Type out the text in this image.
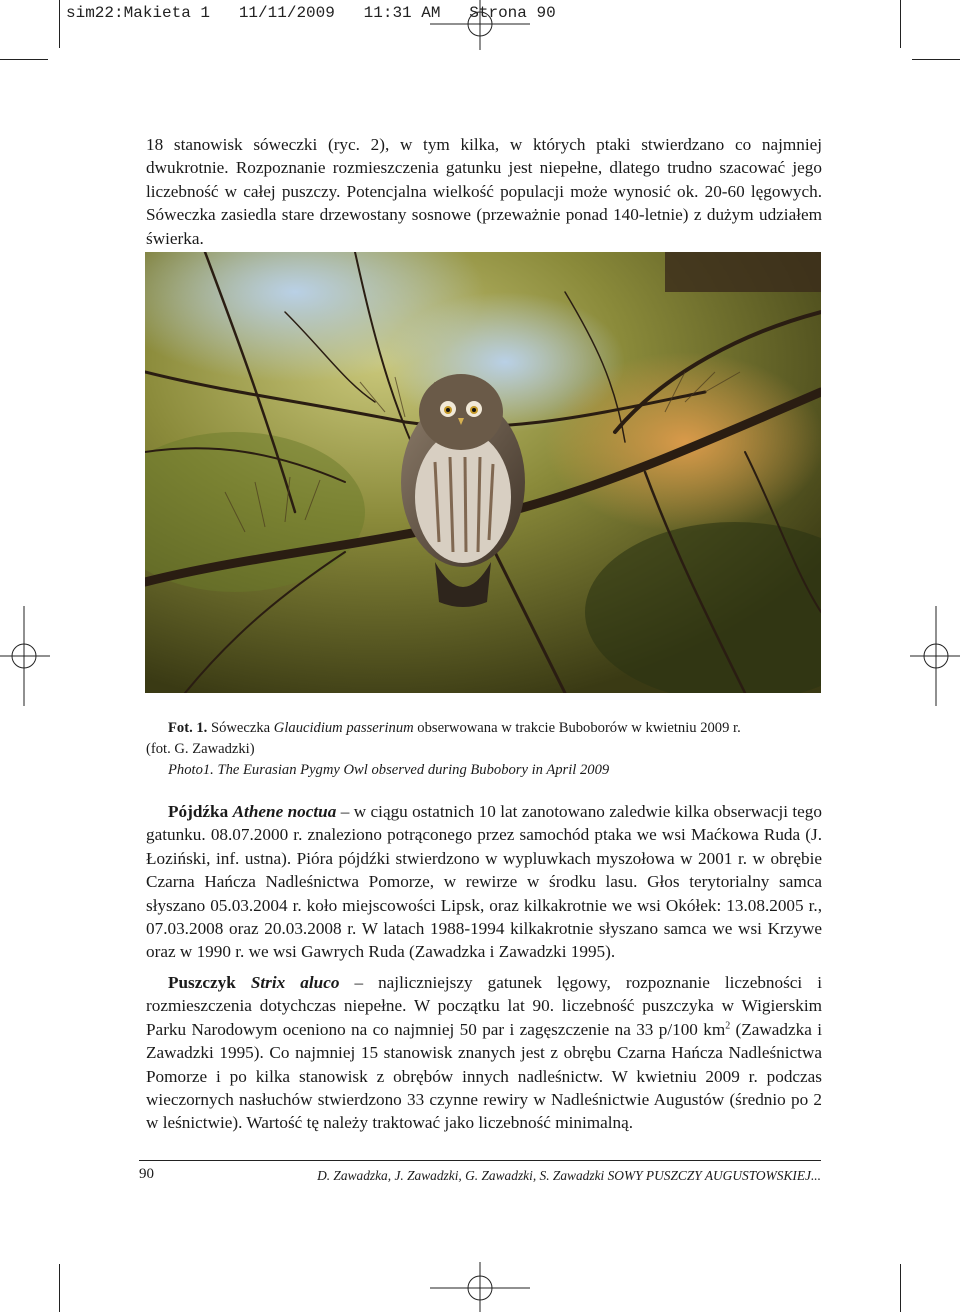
sim22:Makieta 1   11/11/2009   11:31 AM   Strona 90

18 stanowisk sóweczki (ryc. 2), w tym kilka, w których ptaki stwierdzano co najmniej dwukrotnie. Rozpoznanie rozmieszczenia gatunku jest niepełne, dlatego trudno szacować jego liczebność w całej puszczy. Potencjalna wielkość populacji może wynosić ok. 20-60 lęgowych. Sóweczka zasiedla stare drzewostany sosnowe (przeważnie ponad 140-letnie) z dużym udziałem świerka.

Fot. 1. Sóweczka Glaucidium passerinum obserwowana w trakcie Buboborów w kwietniu 2009 r.
(fot. G. Zawadzki)
Photo1. The Eurasian Pygmy Owl observed during Bubobory in April 2009

Pójdźka Athene noctua – w ciągu ostatnich 10 lat zanotowano zaledwie kilka obserwacji tego gatunku. 08.07.2000 r. znaleziono potrąconego przez samochód ptaka we wsi Maćkowa Ruda (J. Łoziński, inf. ustna). Pióra pójdźki stwierdzono w wypluwkach myszołowa w 2001 r. w obrębie Czarna Hańcza Nadleśnictwa Pomorze, w rewirze w środku lasu. Głos terytorialny samca słyszano 05.03.2004 r. koło miejscowości Lipsk, oraz kilkakrotnie we wsi Okółek: 13.08.2005 r., 07.03.2008 oraz 20.03.2008 r. W latach 1988-1994 kilkakrotnie słyszano samca we wsi Krzywe oraz w 1990 r. we wsi Gawrych Ruda (Zawadzka i Zawadzki 1995).

Puszczyk Strix aluco – najliczniejszy gatunek lęgowy, rozpoznanie liczebności i rozmieszczenia dotychczas niepełne. W początku lat 90. liczebność puszczyka w Wigierskim Parku Narodowym oceniono na co najmniej 50 par i zagęszczenie na 33 p/100 $km^2$ (Zawadzka i Zawadzki 1995). Co najmniej 15 stanowisk znanych jest z obrębu Czarna Hańcza Nadleśnictwa Pomorze i po kilka stanowisk z obrębów innych nadleśnictw. W kwietniu 2009 r. podczas wieczornych nasłuchów stwierdzono 33 czynne rewiry w Nadleśnictwie Augustów (średnio po 2 w leśnictwie). Wartość tę należy traktować jako liczebność minimalną.

90	D. Zawadzka, J. Zawadzki, G. Zawadzki, S. Zawadzki SOWY PUSZCZY AUGUSTOWSKIEJ...
